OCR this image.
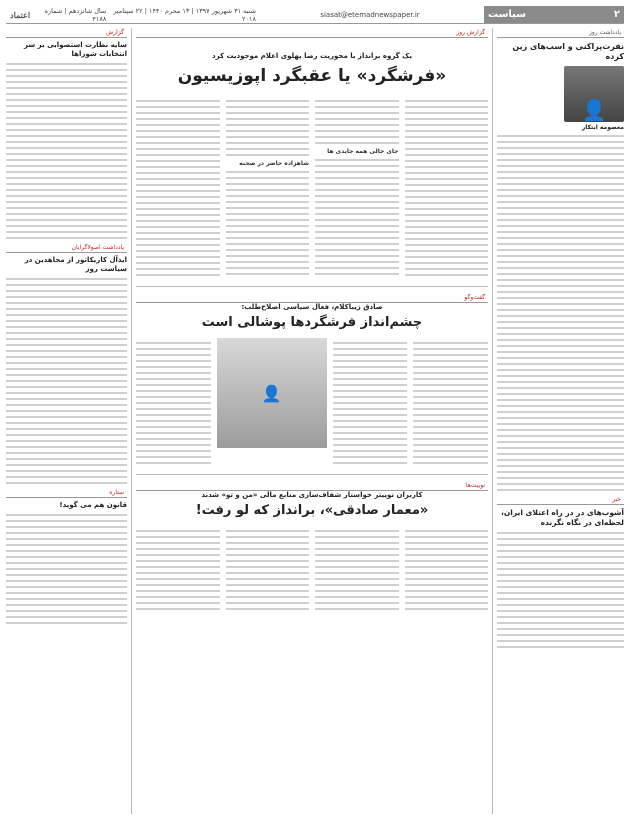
۲
سیاست
siasat@etemadnewspaper.ir
شنبه ۳۱ شهریور ۱۳۹۷ | ۱۳ محرم ۱۴۴۰ | ۲۲ سپتامبر ۲۰۱۸
سال شانزدهم | شماره ۴۱۸۸
اعتماد
یادداشت روز
نفرت‌پراکنی و اسب‌های زین کرده
👤
معصومه ابتکار
خبر
آشوب‌های در در راه اعتلای ایران، لحظه‌ای در نگاه نگرنده
گزارش
سایه نظارت استصوابی بر سر انتخابات شوراها
یادداشت اصولاگرایان
ایدآل کاریکاتور از مجاهدین در سیاست روز
ستاره
قانون هم می گوید!
گزارش روز
یک گروه برانداز با محوریت رضا پهلوی اعلام موجودیت کرد
«فرشگرد» یا عقبگرد اپوزیسیون
جای خالی همه جایدی ها
شاهزاده حاضر در صحنه
گفت‌وگو
صادق زیباکلام، فعال سیاسی اصلاح‌طلب:
چشم‌انداز فرشگرد‌ها پوشالی است
👤
توییت‌ها
کاربران توییتر خواستار شفاف‌سازی منابع مالی «من و تو» شدند
«معمار صادقی»، برانداز که لو رفت!
